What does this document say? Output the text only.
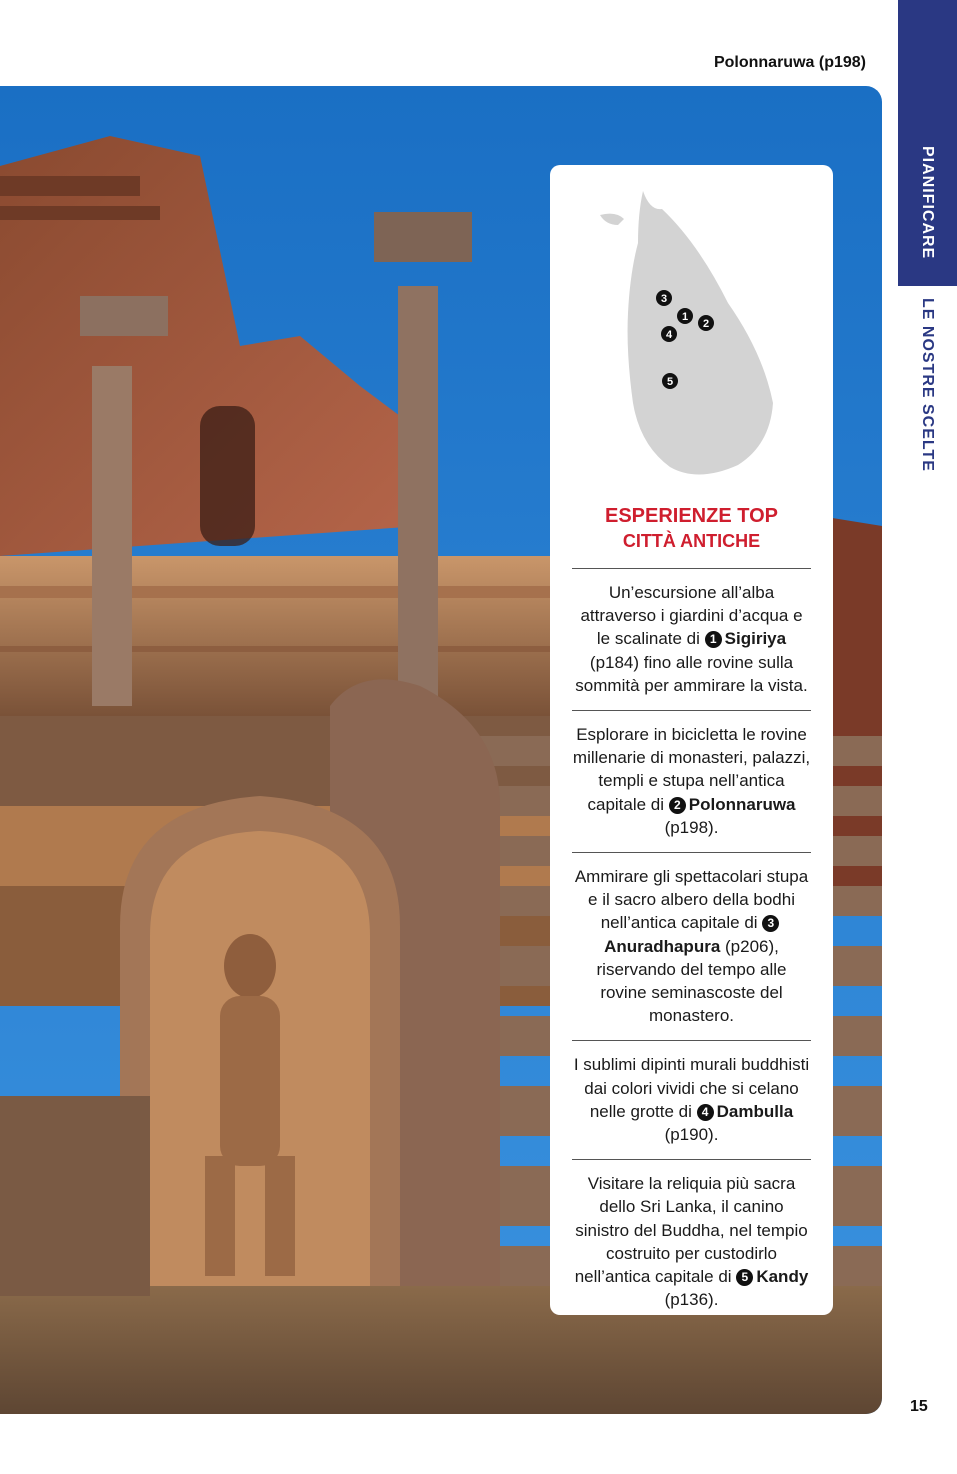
Polonnaruwa (p198)
PIANIFICARE
LE NOSTRE SCELTE
3
1
2
4
5
ESPERIENZE TOP
CITTÀ ANTICHE
Un’escursione all’alba attraverso i giardini d’acqua e le scalinate di 1 Sigiriya (p184) fino alle rovine sulla sommità per ammirare la vista.
Esplorare in bicicletta le rovine millenarie di monasteri, palazzi, templi e stupa nell’antica capitale di 2 Polonnaruwa (p198).
Ammirare gli spettacolari stupa e il sacro albero della bodhi nell’antica capitale di 3Anuradhapura (p206), riservando del tempo alle rovine seminascoste del monastero.
I sublimi dipinti murali buddhisti dai colori vividi che si celano nelle grotte di 4 Dambulla (p190).
Visitare la reliquia più sacra dello Sri Lanka, il canino sinistro del Buddha, nel tempio costruito per custodirlo nell’antica capitale di 5 Kandy (p136).
15
